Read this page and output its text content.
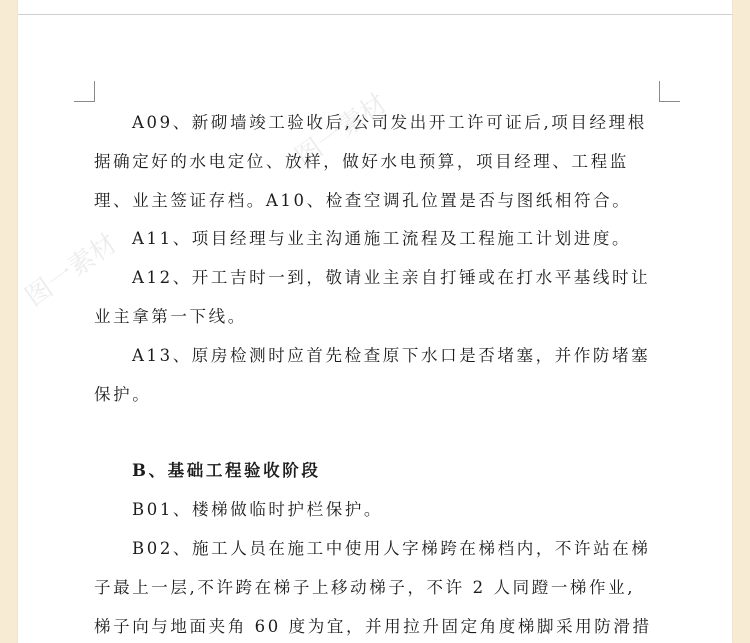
图一素材
图一素材
A09、新砌墙竣工验收后,公司发出开工许可证后,项目经理根
据确定好的水电定位、放样，做好水电预算，项目经理、工程监
理、业主签证存档。A10、检查空调孔位置是否与图纸相符合。
A11、项目经理与业主沟通施工流程及工程施工计划进度。
A12、开工吉时一到，敬请业主亲自打锤或在打水平基线时让
业主拿第一下线。
A13、原房检测时应首先检查原下水口是否堵塞，并作防堵塞
保护。
B、基础工程验收阶段
B01、楼梯做临时护栏保护。
B02、施工人员在施工中使用人字梯跨在梯档内，不许站在梯
子最上一层,不许跨在梯子上移动梯子，不许 2 人同蹬一梯作业,
梯子向与地面夹角 60 度为宜，并用拉升固定角度梯脚采用防滑措
